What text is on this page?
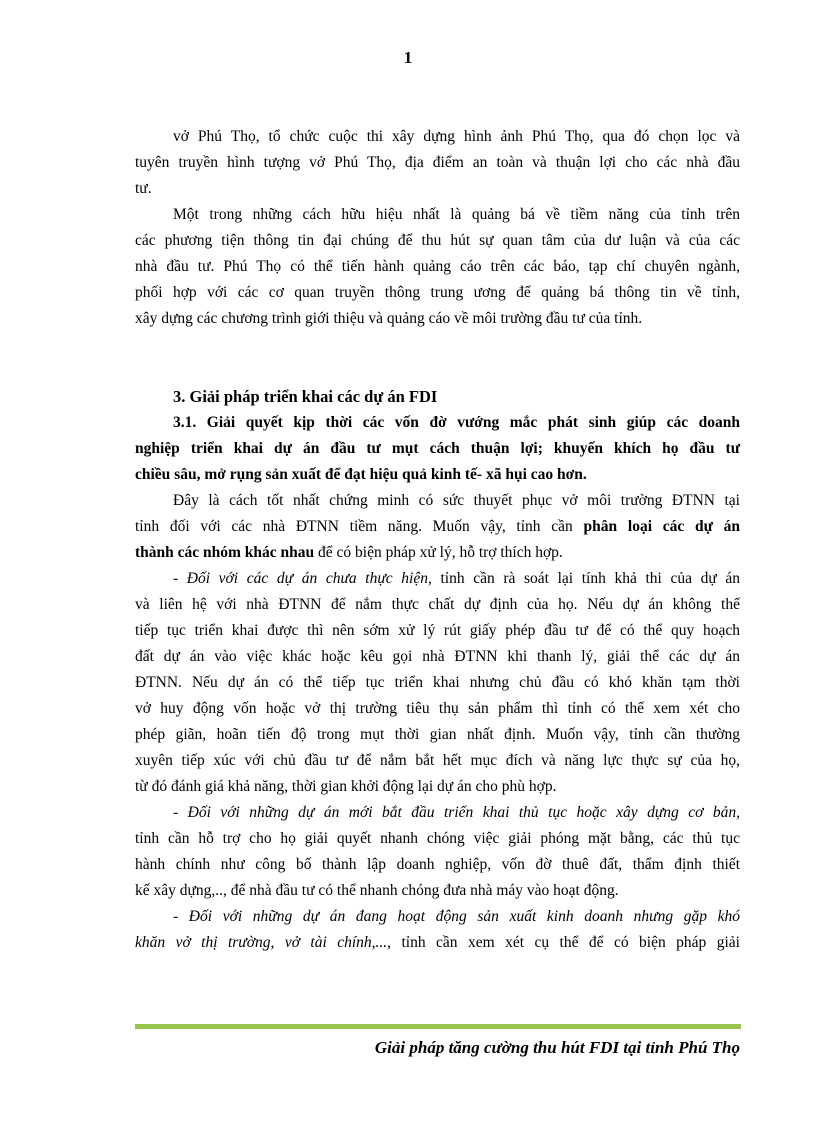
1
vở Phú Thọ, tổ chức cuộc thi xây dựng hình ảnh Phú Thọ, qua đó chọn lọc và
tuyên truyền hình tượng vở Phú Thọ, địa điểm an toàn và thuận lợi cho các nhà đầu
tư.
Một trong những cách hữu hiệu nhất là quảng bá về tiềm năng của tỉnh trên
các phương tiện thông tin đại chúng để thu hút sự quan tâm của dư luận và của các
nhà đầu tư. Phú Thọ có thể tiến hành quảng cáo trên các báo, tạp chí chuyên ngành,
phối hợp với các cơ quan truyền thông trung ương để quảng bá thông tin về tỉnh,
xây dựng các chương trình giới thiệu và quảng cáo về môi trường đầu tư của tỉnh.
3. Giải pháp triển khai các dự án FDI
3.1. Giải quyết kịp thời các vốn đờ vướng mắc phát sinh giúp các doanh
nghiệp triển khai dự án đầu tư mụt cách thuận lợi; khuyến khích họ đầu tư
chiều sâu, mở rụng sản xuất để đạt hiệu quả kinh tế- xã hụi cao hơn.
Đây là cách tốt nhất chứng minh có sức thuyết phục vở môi trường ĐTNN tại
tỉnh đối với các nhà ĐTNN tiềm năng. Muốn vậy, tỉnh cần phân loại các dự án
thành các nhóm khác nhau để có biện pháp xử lý, hỗ trợ thích hợp.
- Đối với các dự án chưa thực hiện, tỉnh cần rà soát lại tính khả thi của dự án
và liên hệ với nhà ĐTNN để nắm thực chất dự định của họ. Nếu dự án không thể
tiếp tục triển khai được thì nên sớm xử lý rút giấy phép đầu tư để có thể quy hoạch
đất dự án vào việc khác hoặc kêu gọi nhà ĐTNN khi thanh lý, giải thể các dự án
ĐTNN. Nếu dự án có thể tiếp tục triển khai nhưng chủ đầu có khó khăn tạm thời
vở huy động vốn hoặc vở thị trường tiêu thụ sản phẩm thì tỉnh có thể xem xét cho
phép giãn, hoãn tiến độ trong mụt thời gian nhất định. Muốn vậy, tỉnh cần thường
xuyên tiếp xúc với chủ đầu tư để nắm bắt hết mục đích và năng lực thực sự của họ,
từ đó đánh giá khả năng, thời gian khởi động lại dự án cho phù hợp.
- Đối với những dự án mới bắt đầu triển khai thủ tục hoặc xây dựng cơ bản,
tỉnh cần hỗ trợ cho họ giải quyết nhanh chóng việc giải phóng mặt bằng, các thủ tục
hành chính như công bố thành lập doanh nghiệp, vốn đờ thuê đất, thẩm định thiết
kế xây dựng,.., để nhà đầu tư có thể nhanh chóng đưa nhà máy vào hoạt động.
- Đối với những dự án đang hoạt động sản xuất kinh doanh nhưng gặp khó
khăn vở thị trường, vở tài chính,..., tỉnh cần xem xét cụ thể để có biện pháp giải
Giải pháp tăng cường thu hút FDI tại tỉnh Phú Thọ
